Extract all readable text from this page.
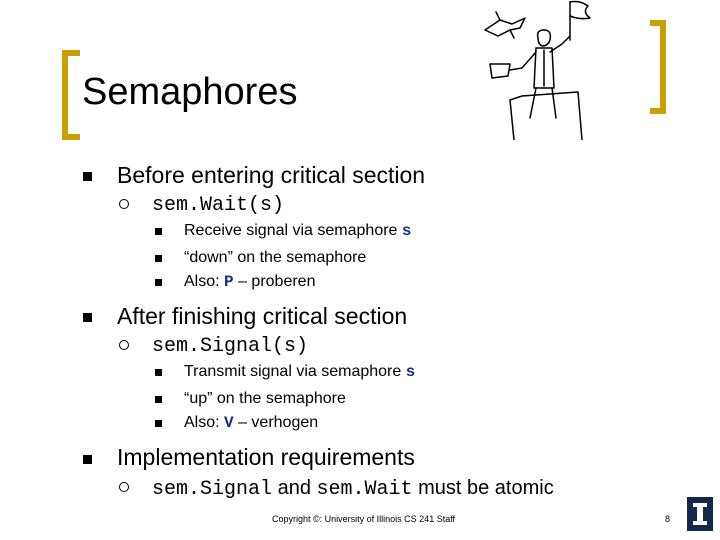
Semaphores
Before entering critical section
sem.Wait(s)
Receive signal via semaphore s
“down” on the semaphore
Also: P – proberen
After finishing critical section
sem.Signal(s)
Transmit signal via semaphore s
“up” on the semaphore
Also: V – verhogen
Implementation requirements
sem.Signal and sem.Wait must be atomic
Copyright ©: University of Illinois CS 241 Staff	8
